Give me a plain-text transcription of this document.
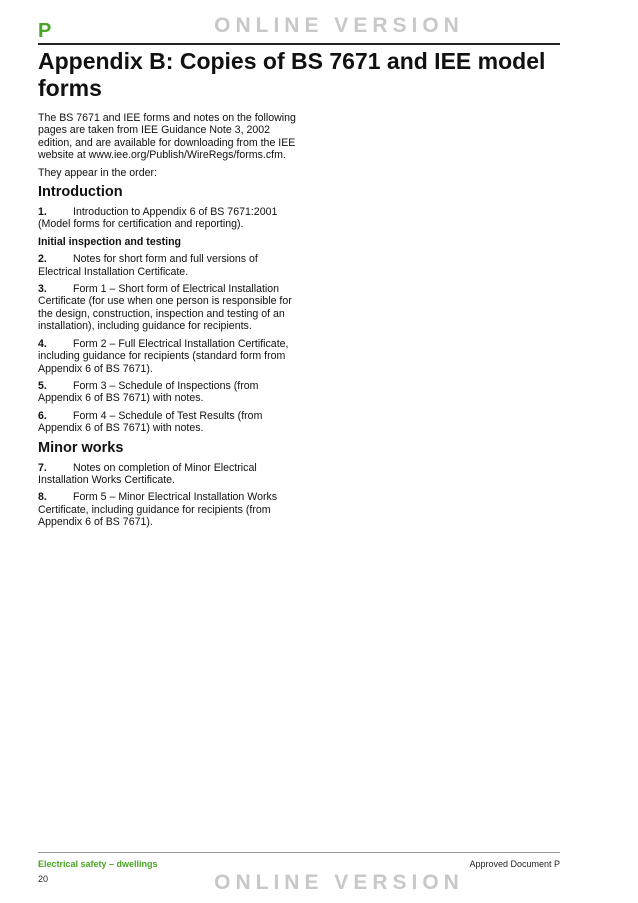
P	ONLINE VERSION
Appendix B: Copies of BS 7671 and IEE model forms

The BS 7671 and IEE forms and notes on the following pages are taken from IEE Guidance Note 3, 2002 edition, and are available for downloading from the IEE website at www.iee.org/Publish/WireRegs/forms.cfm.

They appear in the order:

Introduction
1. Introduction to Appendix 6 of BS 7671:2001 (Model forms for certification and reporting).
Initial inspection and testing
2. Notes for short form and full versions of Electrical Installation Certificate.
3. Form 1 – Short form of Electrical Installation Certificate (for use when one person is responsible for the design, construction, inspection and testing of an installation), including guidance for recipients.
4. Form 2 – Full Electrical Installation Certificate, including guidance for recipients (standard form from Appendix 6 of BS 7671).
5. Form 3 – Schedule of Inspections (from Appendix 6 of BS 7671) with notes.
6. Form 4 – Schedule of Test Results (from Appendix 6 of BS 7671) with notes.
Minor works
7. Notes on completion of Minor Electrical Installation Works Certificate.
8. Form 5 – Minor Electrical Installation Works Certificate, including guidance for recipients (from Appendix 6 of BS 7671).
Electrical safety – dwellings
20
Approved Document P
ONLINE VERSION
